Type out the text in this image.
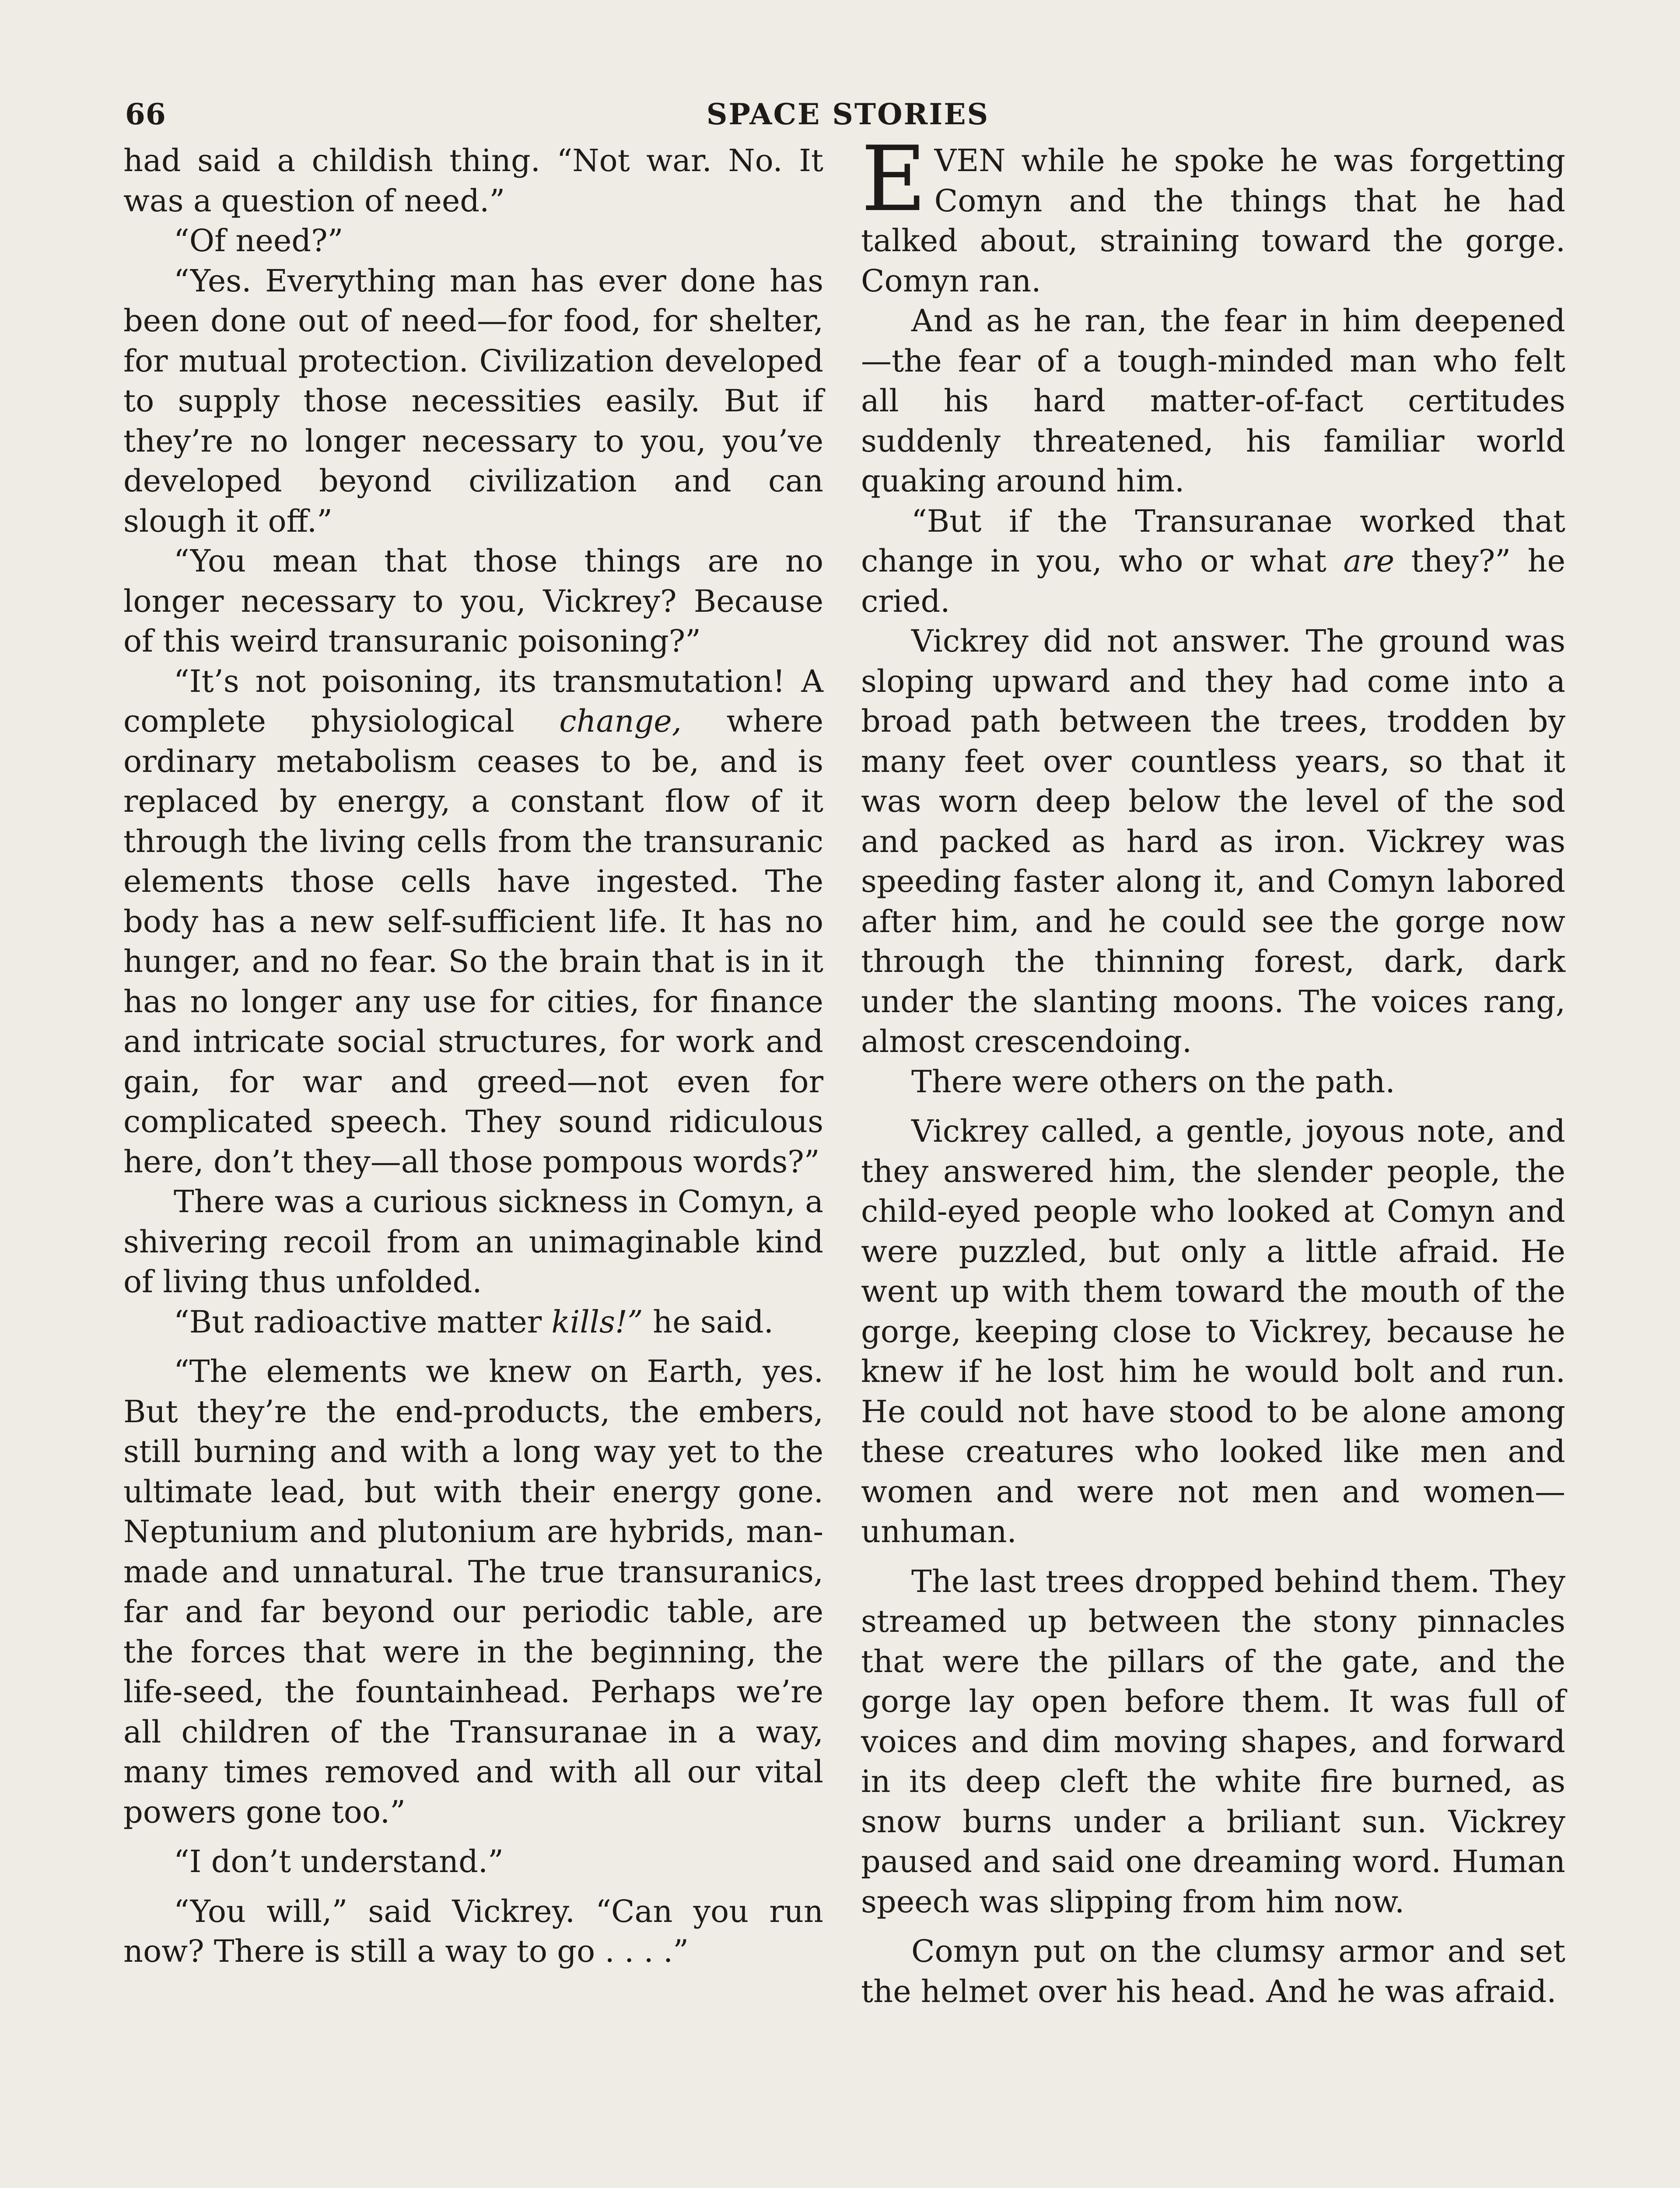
66	SPACE STORIES

had said a childish thing. “Not war. No. It was a question of need.”

“Of need?”

“Yes. Everything man has ever done has been done out of need—for food, for shelter, for mutual protection. Civilization developed to supply those necessities easily. But if they’re no longer necessary to you, you’ve developed beyond civilization and can slough it off.”

“You mean that those things are no longer necessary to you, Vickrey? Because of this weird transuranic poisoning?”

“It’s not poisoning, its transmutation! A complete physiological change, where ordinary metabolism ceases to be, and is replaced by energy, a constant flow of it through the living cells from the transuranic elements those cells have ingested. The body has a new self-sufficient life. It has no hunger, and no fear. So the brain that is in it has no longer any use for cities, for finance and intricate social structures, for work and gain, for war and greed—not even for complicated speech. They sound ridiculous here, don’t they—all those pompous words?”

There was a curious sickness in Comyn, a shivering recoil from an unimaginable kind of living thus unfolded.

“But radioactive matter kills!” he said.

“The elements we knew on Earth, yes. But they’re the end-products, the embers, still burning and with a long way yet to the ultimate lead, but with their energy gone. Neptunium and plutonium are hybrids, man-made and unnatural. The true transuranics, far and far beyond our periodic table, are the forces that were in the beginning, the life-seed, the fountainhead. Perhaps we’re all children of the Transuranae in a way, many times removed and with all our vital powers gone too.”

“I don’t understand.”

“You will,” said Vickrey. “Can you run now? There is still a way to go . . . .”

EVEN while he spoke he was forgetting Comyn and the things that he had talked about, straining toward the gorge. Comyn ran.

And as he ran, the fear in him deepened—the fear of a tough-minded man who felt all his hard matter-of-fact certitudes suddenly threatened, his familiar world quaking around him.

“But if the Transuranae worked that change in you, who or what are they?” he cried.

Vickrey did not answer. The ground was sloping upward and they had come into a broad path between the trees, trodden by many feet over countless years, so that it was worn deep below the level of the sod and packed as hard as iron. Vickrey was speeding faster along it, and Comyn labored after him, and he could see the gorge now through the thinning forest, dark, dark under the slanting moons. The voices rang, almost crescendoing.

There were others on the path.

Vickrey called, a gentle, joyous note, and they answered him, the slender people, the child-eyed people who looked at Comyn and were puzzled, but only a little afraid. He went up with them toward the mouth of the gorge, keeping close to Vickrey, because he knew if he lost him he would bolt and run. He could not have stood to be alone among these creatures who looked like men and women and were not men and women—unhuman.

The last trees dropped behind them. They streamed up between the stony pinnacles that were the pillars of the gate, and the gorge lay open before them. It was full of voices and dim moving shapes, and forward in its deep cleft the white fire burned, as snow burns under a briliant sun. Vickrey paused and said one dreaming word. Human speech was slipping from him now.

Comyn put on the clumsy armor and set the helmet over his head. And he was afraid.
